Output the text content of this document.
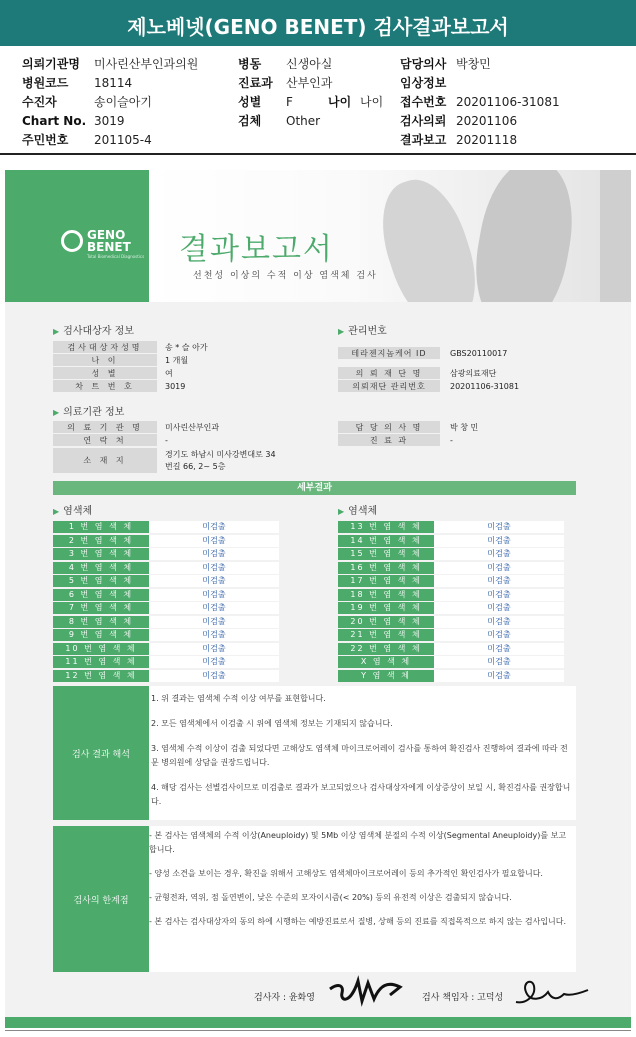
제노베넷(GENO BENET) 검사결과보고서
의뢰기관명 미사린산부인과의원
병원코드 18114
수진자	송이슬아기
Chart No. 3019
주민번호 201105-4
병동 신생아실
진료과 산부인과
성별 F	나이 나이
검체 Other
담당의사 박창민
임상정보
접수번호 20201106-31081
검사의뢰 20201106
결과보고 20201118
GENO
BENET
Total Biomedical Diagnostics 결과보고서
선천성 이상의 수적 이상 염색체 검사
▶ 검사대상자 정보
검사대상자성명	송 * 슬 아가
나 이	1 개월
성 별	여
차 트 번 호	3019
▶ 관리번호
테라젠지놈케어 ID	GBS20110017
의 뢰 재 단 명	삼광의료재단
의뢰재단 관리번호	20201106-31081
▶ 의료기관 정보
의 료 기 관 명	미사린산부인과
연 락 처	-
소 재 지
경기도 하남시 미사강변대로 34
번길 66, 2~ 5층
담 당 의 사 명	박 창 민
진 료 과	-
세부결과
▶ 염색체	▶ 염색체
1 번 염 색 체	미검출
2 번 염 색 체	미검출
3 번 염 색 체	미검출
4 번 염 색 체	미검출
5 번 염 색 체	미검출
6 번 염 색 체	미검출
7 번 염 색 체	미검출
8 번 염 색 체	미검출
9 번 염 색 체	미검출
10 번 염 색 체	미검출
11 번 염 색 체	미검출
12 번 염 색 체	미검출
13 번 염 색 체	미검출
14 번 염 색 체	미검출
15 번 염 색 체	미검출
16 번 염 색 체	미검출
17 번 염 색 체	미검출
18 번 염 색 체	미검출
19 번 염 색 체	미검출
20 번 염 색 체	미검출
21 번 염 색 체	미검출
22 번 염 색 체	미검출
X 염 색 체	미검출
Y 염 색 체	미검출
검사 결과 해석

1. 위 결과는 염색체 수적 이상 여부를 표현합니다.

2. 모든 염색체에서 이검출 시 위에 염색체 정보는 기재되지 않습니다.

3. 염색체 수적 이상이 검출 되었다면 고해상도 염색체 마이크로어레이 검사를 통하여 확진검사 진행하여 결과에 따라 전문 병의원에 상담을 권장드립니다.

4. 해당 검사는 선별검사이므로 미검출로 결과가 보고되었으나 검사대상자에게 이상증상이 보일 시, 확진검사를 권장합니다.

검사의 한계점

- 본 검사는 염색체의 수적 이상(Aneuploidy) 및 5Mb 이상 염색체 분절의 수적 이상(Segmental Aneuploidy)를 보고합니다.

- 양성 소견을 보이는 경우, 확진을 위해서 고해상도 염색체마이크로어레이 등의 추가적인 확인검사가 필요합니다.

- 균형전좌, 역위, 점 돌연변이, 낮은 수준의 모자이시즘(< 20%) 등의 유전적 이상은 검출되지 않습니다.

- 본 검사는 검사대상자의 동의 하에 시행하는 예방진료로서 질병, 상해 등의 진료를 직접목적으로 하지 않는 검사입니다.

검사자 : 윤화영	검사 책임자 : 고덕성
